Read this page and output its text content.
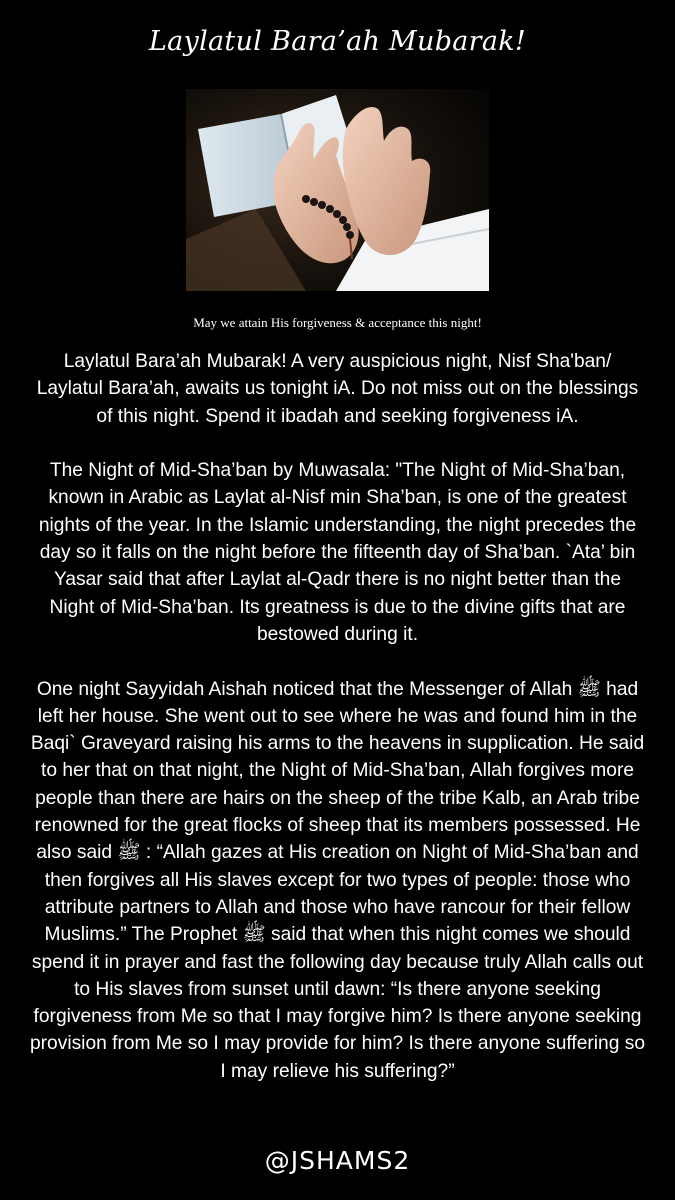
Laylatul Bara’ah Mubarak!
May we attain His forgiveness & acceptance this night!

Laylatul Bara’ah Mubarak! A very auspicious night, Nisf Sha'ban/ Laylatul Bara’ah, awaits us tonight iA. Do not miss out on the blessings of this night. Spend it ibadah and seeking forgiveness iA.

The Night of Mid-Sha’ban by Muwasala: "The Night of Mid-Sha’ban, known in Arabic as Laylat al-Nisf min Sha’ban, is one of the greatest nights of the year. In the Islamic understanding, the night precedes the day so it falls on the night before the fifteenth day of Sha’ban. `Ata’ bin Yasar said that after Laylat al-Qadr there is no night better than the Night of Mid-Sha’ban. Its greatness is due to the divine gifts that are bestowed during it.

One night Sayyidah Aishah noticed that the Messenger of Allah ﷺ had left her house. She went out to see where he was and found him in the Baqi` Graveyard raising his arms to the heavens in supplication. He said to her that on that night, the Night of Mid-Sha’ban, Allah forgives more people than there are hairs on the sheep of the tribe Kalb, an Arab tribe renowned for the great flocks of sheep that its members possessed. He also said ﷺ : “Allah gazes at His creation on Night of Mid-Sha’ban and then forgives all His slaves except for two types of people: those who attribute partners to Allah and those who have rancour for their fellow Muslims.” The Prophet ﷺ said that when this night comes we should spend it in prayer and fast the following day because truly Allah calls out to His slaves from sunset until dawn: “Is there anyone seeking forgiveness from Me so that I may forgive him? Is there anyone seeking provision from Me so I may provide for him? Is there anyone suffering so I may relieve his suffering?”

@JSHAMS2
